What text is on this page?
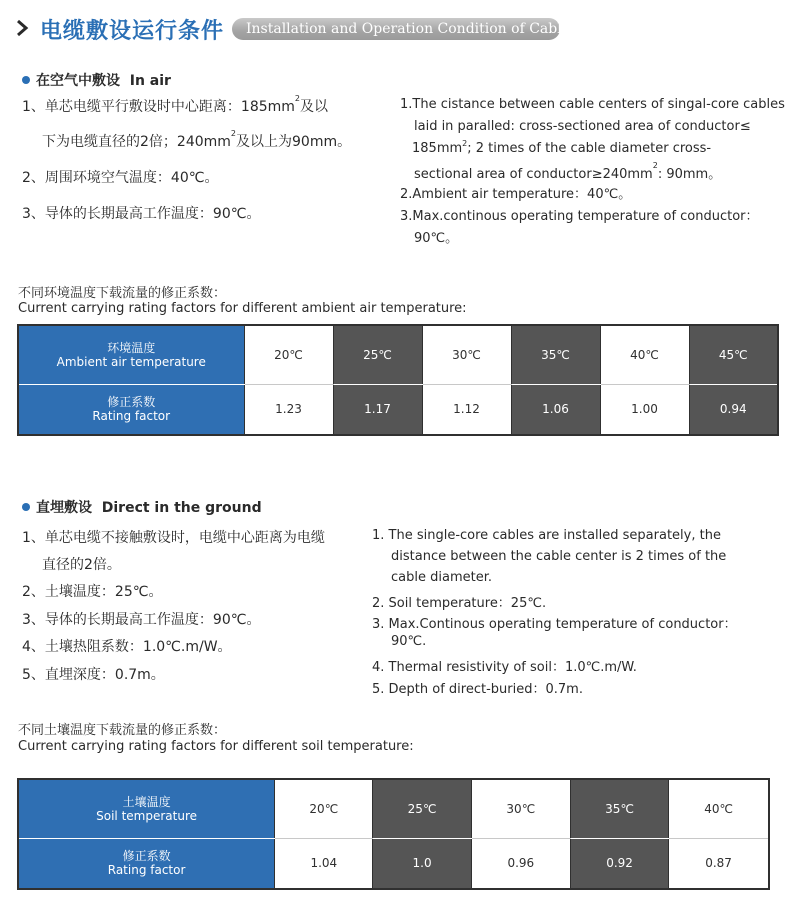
电缆敷设运行条件	Installation and Operation Condition of Cable
在空气中敷设 In air
1、单芯电缆平行敷设时中心距离：$185mm^2$及以
下为电缆直径的2倍；$240mm^2$及以上为90mm。
2、周围环境空气温度：40℃。
3、导体的长期最高工作温度：90℃。
1.The cistance between cable centers of singal-core cables
laid in paralled: cross-sectioned area of conductor≤
$185mm^2$; 2 times of the cable diameter cross-
sectional area of $conductor\ge 240mm^2$: 90mm。
2.Ambient air temperature：40℃。
3.Max.continous operating temperature of conductor：
90℃。
不同环境温度下载流量的修正系数：
Current carrying rating factors for different ambient air temperature:
环境温度
Ambient air temperature	20℃	25℃	30℃	35℃	40℃	45℃

修正系数
Rating factor	1.23	1.17	1.12	1.06	1.00	0.94
直埋敷设 Direct in the ground
1、单芯电缆不接触敷设时，电缆中心距离为电缆
直径的2倍。
2、土壤温度：25℃。
3、导体的长期最高工作温度：90℃。
4、土壤热阻系数：1.0℃.m/W。
5、直埋深度：0.7m。
1. The single-core cables are installed separately, the
distance between the cable center is 2 times of the
cable diameter.
2. Soil temperature：25℃.
3. Max.Continous operating temperature of conductor：
90℃.
4. Thermal resistivity of soil：1.0℃.m/W.
5. Depth of direct-buried：0.7m.
不同土壤温度下载流量的修正系数：
Current carrying rating factors for different soil temperature:
土壤温度
Soil temperature	20℃	25℃	30℃	35℃	40℃

修正系数
Rating factor	1.04	1.0	0.96	0.92	0.87
